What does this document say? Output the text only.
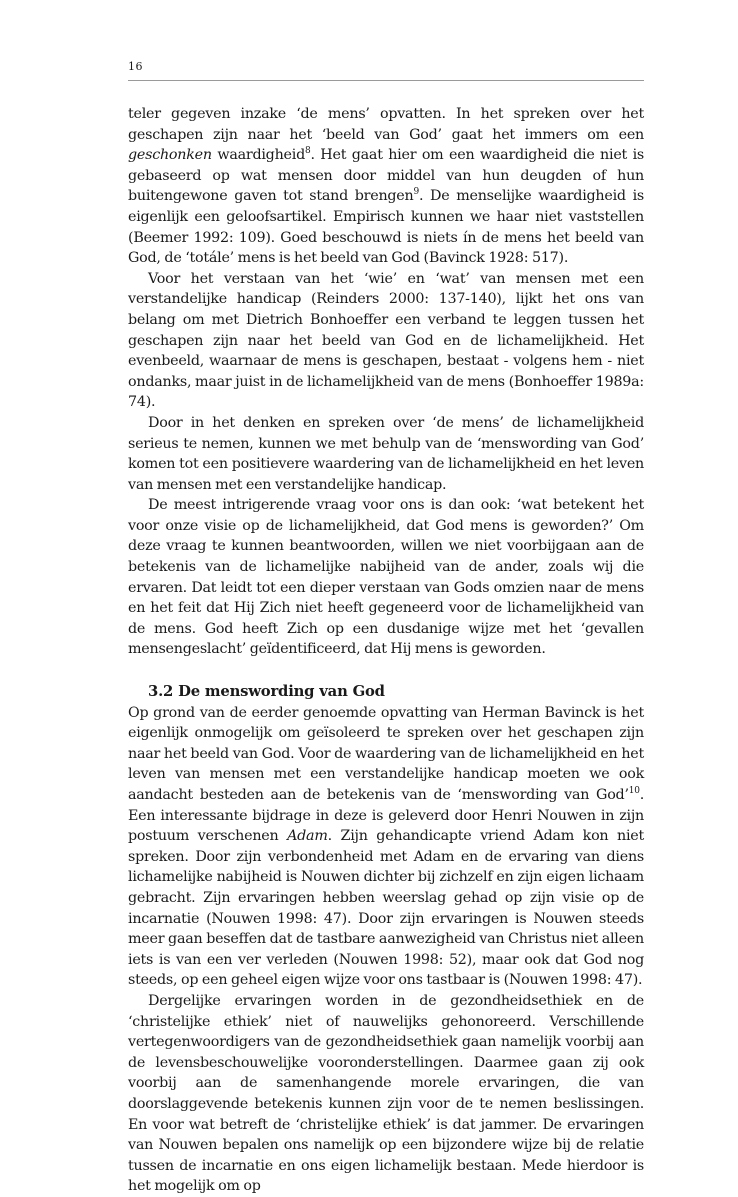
16

teler gegeven inzake ‘de mens’ opvatten. In het spreken over het geschapen zijn naar het ‘beeld van God’ gaat het immers om een geschonken waardigheid$^8$. Het gaat hier om een waardigheid die niet is gebaseerd op wat mensen door middel van hun deugden of hun buitengewone gaven tot stand brengen$^9$. De menselijke waardigheid is eigenlijk een geloofsartikel. Empirisch kunnen we haar niet vaststellen (Beemer 1992: 109). Goed beschouwd is niets ín de mens het beeld van God, de ‘totále’ mens is het beeld van God (Bavinck 1928: 517).

Voor het verstaan van het ‘wie’ en ‘wat’ van mensen met een verstandelijke handicap (Reinders 2000: 137-140), lijkt het ons van belang om met Dietrich Bonhoeffer een verband te leggen tussen het geschapen zijn naar het beeld van God en de lichamelijkheid. Het evenbeeld, waarnaar de mens is geschapen, bestaat - volgens hem - niet ondanks, maar juist in de lichamelijkheid van de mens (Bonhoeffer 1989a: 74).

Door in het denken en spreken over ‘de mens’ de lichamelijkheid serieus te nemen, kunnen we met behulp van de ‘menswording van God’ komen tot een positievere waardering van de lichamelijkheid en het leven van mensen met een verstandelijke handicap.

De meest intrigerende vraag voor ons is dan ook: ‘wat betekent het voor onze visie op de lichamelijkheid, dat God mens is geworden?’ Om deze vraag te kunnen beantwoorden, willen we niet voorbijgaan aan de betekenis van de lichamelijke nabijheid van de ander, zoals wij die ervaren. Dat leidt tot een dieper verstaan van Gods omzien naar de mens en het feit dat Hij Zich niet heeft gegeneerd voor de lichamelijkheid van de mens. God heeft Zich op een dusdanige wijze met het ‘gevallen mensengeslacht’ geïdentificeerd, dat Hij mens is geworden.

3.2 De menswording van God

Op grond van de eerder genoemde opvatting van Herman Bavinck is het eigenlijk onmogelijk om geïsoleerd te spreken over het geschapen zijn naar het beeld van God. Voor de waardering van de lichamelijkheid en het leven van mensen met een verstandelijke handicap moeten we ook aandacht besteden aan de betekenis van de ‘menswording van God’$^{10}$. Een interessante bijdrage in deze is geleverd door Henri Nouwen in zijn postuum verschenen Adam. Zijn gehandicapte vriend Adam kon niet spreken. Door zijn verbondenheid met Adam en de ervaring van diens lichamelijke nabijheid is Nouwen dichter bij zichzelf en zijn eigen lichaam gebracht. Zijn ervaringen hebben weerslag gehad op zijn visie op de incarnatie (Nouwen 1998: 47). Door zijn ervaringen is Nouwen steeds meer gaan beseffen dat de tastbare aanwezigheid van Christus niet alleen iets is van een ver verleden (Nouwen 1998: 52), maar ook dat God nog steeds, op een geheel eigen wijze voor ons tastbaar is (Nouwen 1998: 47).

Dergelijke ervaringen worden in de gezondheidsethiek en de ‘christelijke ethiek’ niet of nauwelijks gehonoreerd. Verschillende vertegenwoordigers van de gezondheidsethiek gaan namelijk voorbij aan de levensbeschouwelijke vooronderstellingen. Daarmee gaan zij ook voorbij aan de samenhangende morele ervaringen, die van doorslaggevende betekenis kunnen zijn voor de te nemen beslissingen. En voor wat betreft de ‘christelijke ethiek’ is dat jammer. De ervaringen van Nouwen bepalen ons namelijk op een bijzondere wijze bij de relatie tussen de incarnatie en ons eigen lichamelijk bestaan. Mede hierdoor is het mogelijk om op
